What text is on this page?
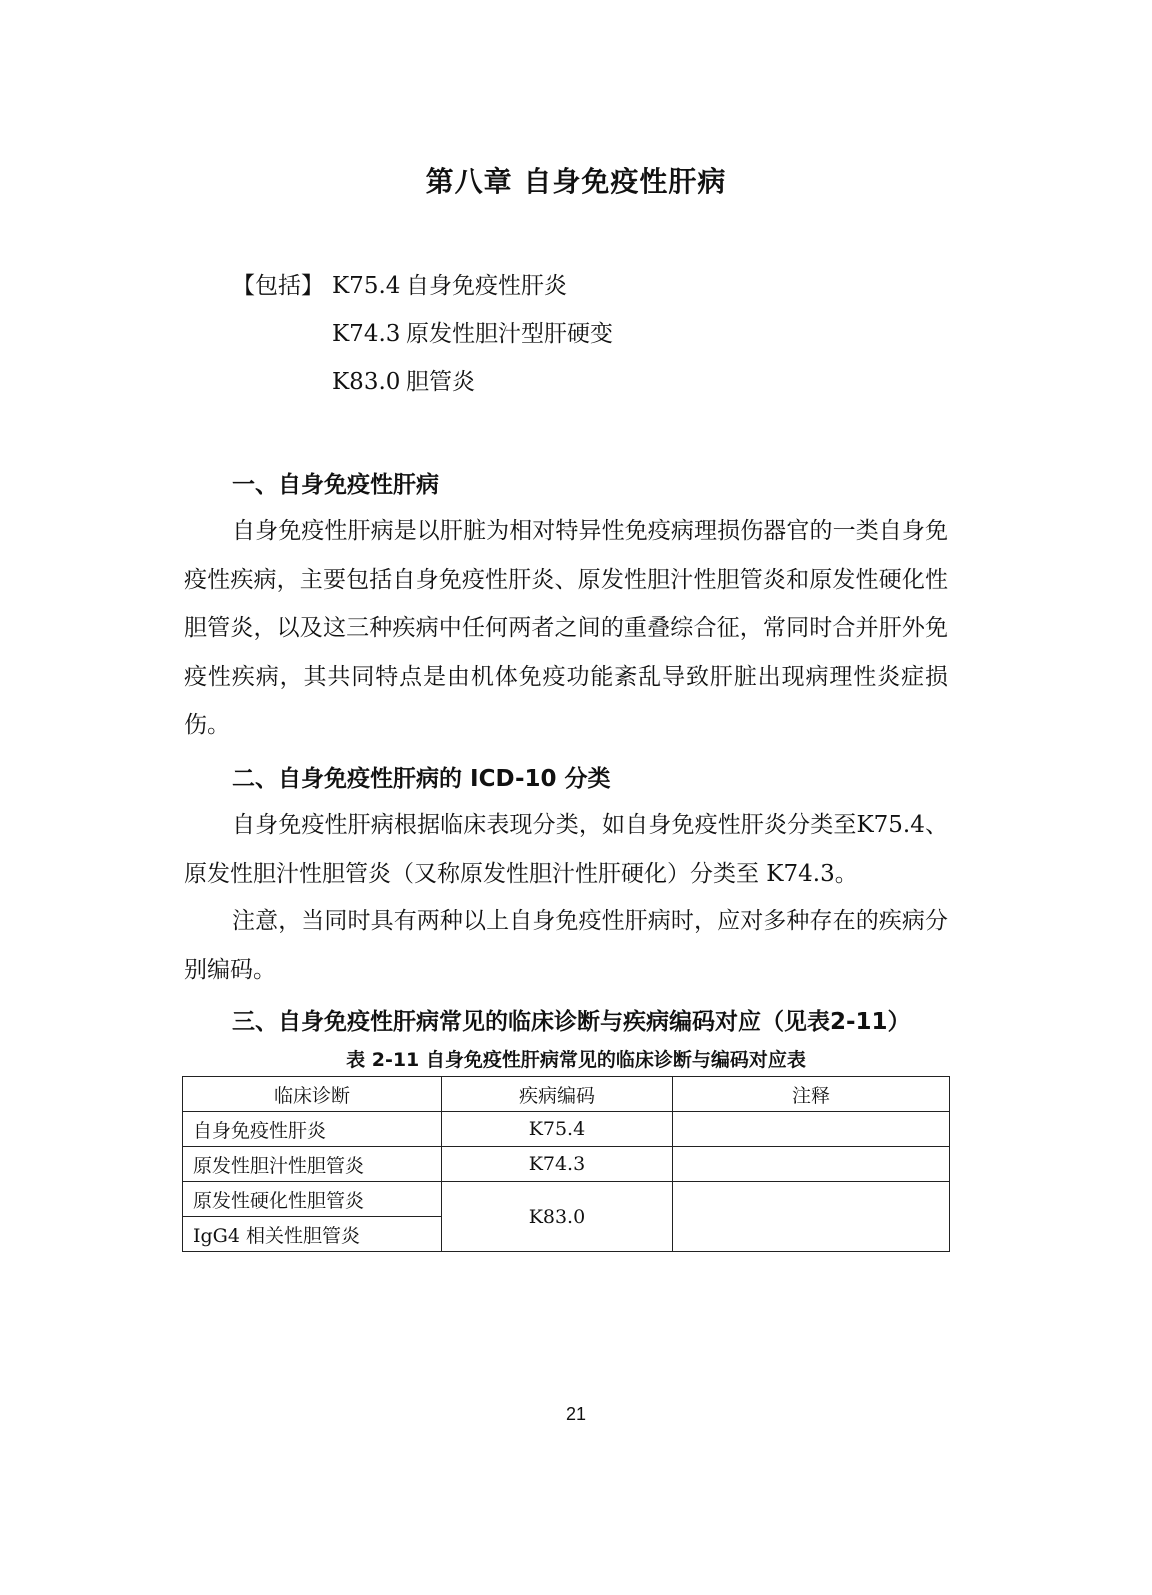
第八章 自身免疫性肝病
【包括】 K75.4 自身免疫性肝炎
K74.3 原发性胆汁型肝硬变
K83.0 胆管炎
一、自身免疫性肝病

自身免疫性肝病是以肝脏为相对特异性免疫病理损伤器官的一类自身免疫性疾病，主要包括自身免疫性肝炎、原发性胆汁性胆管炎和原发性硬化性胆管炎，以及这三种疾病中任何两者之间的重叠综合征，常同时合并肝外免疫性疾病，其共同特点是由机体免疫功能紊乱导致肝脏出现病理性炎症损伤。

二、自身免疫性肝病的 ICD-10 分类

自身免疫性肝病根据临床表现分类，如自身免疫性肝炎分类至K75.4、原发性胆汁性胆管炎（又称原发性胆汁性肝硬化）分类至 K74.3。

注意，当同时具有两种以上自身免疫性肝病时，应对多种存在的疾病分别编码。

三、自身免疫性肝病常见的临床诊断与疾病编码对应（见表2-11）
表 2-11 自身免疫性肝病常见的临床诊断与编码对应表
临床诊断	疾病编码	注释
自身免疫性肝炎	K75.4	
原发性胆汁性胆管炎	K74.3	
原发性硬化性胆管炎	K83.0	
IgG4 相关性胆管炎		
21
